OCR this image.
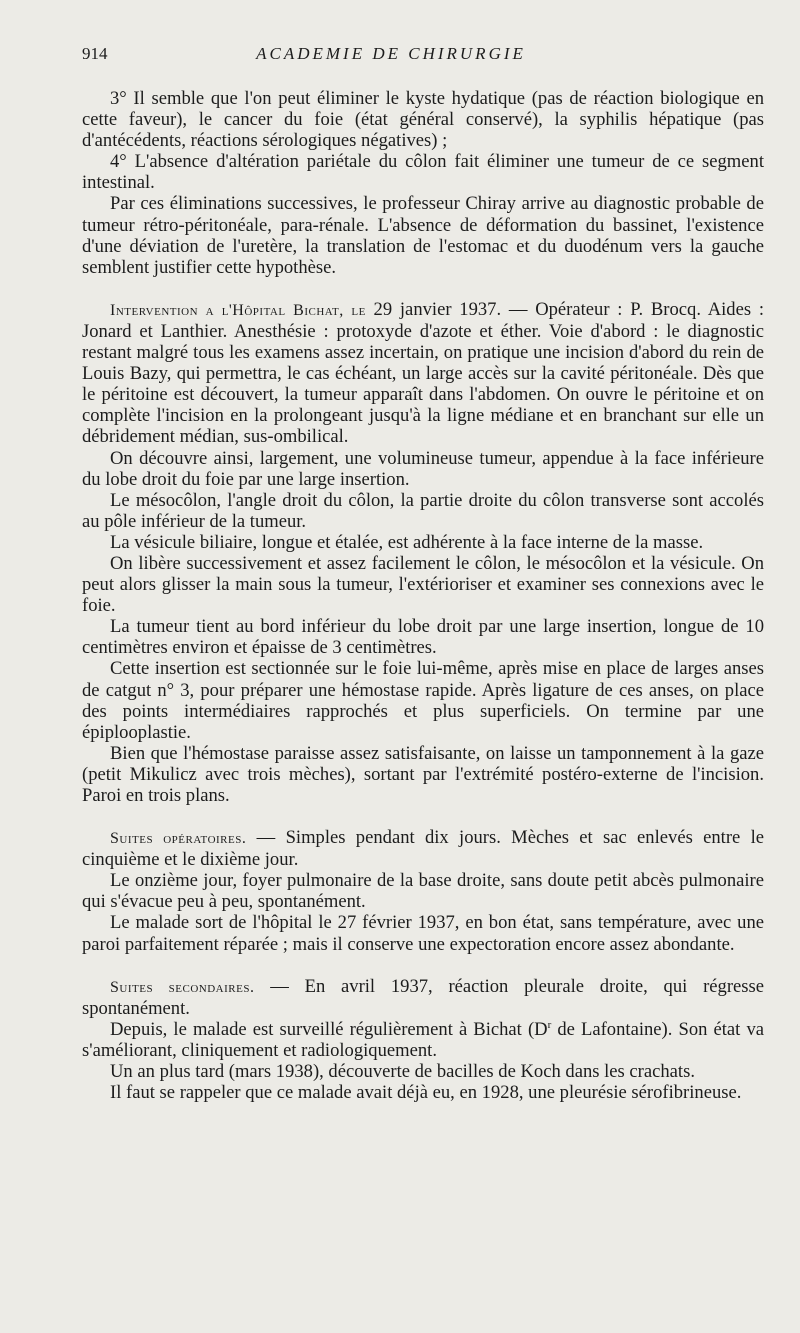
914	ACADEMIE DE CHIRURGIE

3° Il semble que l'on peut éliminer le kyste hydatique (pas de réaction biologique en cette faveur), le cancer du foie (état général conservé), la syphilis hépatique (pas d'antécédents, réactions sérologiques négatives) ;

4° L'absence d'altération pariétale du côlon fait éliminer une tumeur de ce segment intestinal.

Par ces éliminations successives, le professeur Chiray arrive au diagnostic probable de tumeur rétro-péritonéale, para-rénale. L'absence de déformation du bassinet, l'existence d'une déviation de l'uretère, la translation de l'estomac et du duodénum vers la gauche semblent justifier cette hypothèse.

Intervention a l'Hôpital Bichat, le 29 janvier 1937. — Opérateur : P. Brocq. Aides : Jonard et Lanthier. Anesthésie : protoxyde d'azote et éther. Voie d'abord : le diagnostic restant malgré tous les examens assez incertain, on pratique une incision d'abord du rein de Louis Bazy, qui permettra, le cas échéant, un large accès sur la cavité péritonéale. Dès que le péritoine est découvert, la tumeur apparaît dans l'abdomen. On ouvre le péritoine et on complète l'incision en la prolongeant jusqu'à la ligne médiane et en branchant sur elle un débridement médian, sus-ombilical.

On découvre ainsi, largement, une volumineuse tumeur, appendue à la face inférieure du lobe droit du foie par une large insertion.

Le mésocôlon, l'angle droit du côlon, la partie droite du côlon transverse sont accolés au pôle inférieur de la tumeur.

La vésicule biliaire, longue et étalée, est adhérente à la face interne de la masse.

On libère successivement et assez facilement le côlon, le mésocôlon et la vésicule. On peut alors glisser la main sous la tumeur, l'extérioriser et examiner ses connexions avec le foie.

La tumeur tient au bord inférieur du lobe droit par une large insertion, longue de 10 centimètres environ et épaisse de 3 centimètres.

Cette insertion est sectionnée sur le foie lui-même, après mise en place de larges anses de catgut n° 3, pour préparer une hémostase rapide. Après ligature de ces anses, on place des points intermédiaires rapprochés et plus superficiels. On termine par une épiplooplastie.

Bien que l'hémostase paraisse assez satisfaisante, on laisse un tamponnement à la gaze (petit Mikulicz avec trois mèches), sortant par l'extrémité postéro-externe de l'incision. Paroi en trois plans.

Suites opératoires. — Simples pendant dix jours. Mèches et sac enlevés entre le cinquième et le dixième jour.

Le onzième jour, foyer pulmonaire de la base droite, sans doute petit abcès pulmonaire qui s'évacue peu à peu, spontanément.

Le malade sort de l'hôpital le 27 février 1937, en bon état, sans température, avec une paroi parfaitement réparée ; mais il conserve une expectoration encore assez abondante.

Suites secondaires. — En avril 1937, réaction pleurale droite, qui régresse spontanément.

Depuis, le malade est surveillé régulièrement à Bichat ($D^r$ de Lafontaine). Son état va s'améliorant, cliniquement et radiologiquement.

Un an plus tard (mars 1938), découverte de bacilles de Koch dans les crachats.

Il faut se rappeler que ce malade avait déjà eu, en 1928, une pleurésie sérofibrineuse.
